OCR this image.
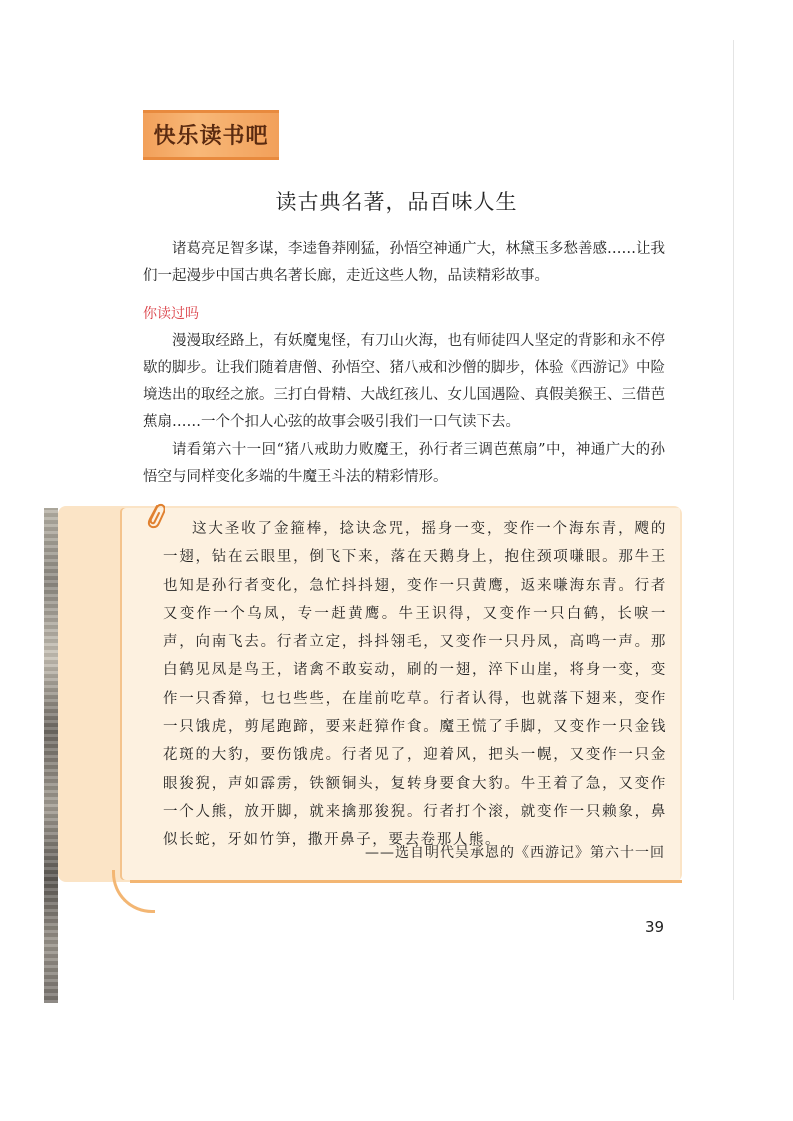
快乐读书吧
读古典名著，品百味人生
诸葛亮足智多谋，李逵鲁莽刚猛，孙悟空神通广大，林黛玉多愁善感……让我们一起漫步中国古典名著长廊，走近这些人物，品读精彩故事。
你读过吗
漫漫取经路上，有妖魔鬼怪，有刀山火海，也有师徒四人坚定的背影和永不停歇的脚步。让我们随着唐僧、孙悟空、猪八戒和沙僧的脚步，体验《西游记》中险境迭出的取经之旅。三打白骨精、大战红孩儿、女儿国遇险、真假美猴王、三借芭蕉扇……一个个扣人心弦的故事会吸引我们一口气读下去。
请看第六十一回“猪八戒助力败魔王，孙行者三调芭蕉扇”中，神通广大的孙悟空与同样变化多端的牛魔王斗法的精彩情形。
这大圣收了金箍棒，捻诀念咒，摇身一变，变作一个海东青，飕的一翅，钻在云眼里，倒飞下来，落在天鹅身上，抱住颈项嗛眼。那牛王也知是孙行者变化，急忙抖抖翅，变作一只黄鹰，返来嗛海东青。行者又变作一个乌凤，专一赶黄鹰。牛王识得，又变作一只白鹤，长唳一声，向南飞去。行者立定，抖抖翎毛，又变作一只丹凤，高鸣一声。那白鹤见凤是鸟王，诸禽不敢妄动，刷的一翅，淬下山崖，将身一变，变作一只香獐，乜乜些些，在崖前吃草。行者认得，也就落下翅来，变作一只饿虎，剪尾跑蹄，要来赶獐作食。魔王慌了手脚，又变作一只金钱花斑的大豹，要伤饿虎。行者见了，迎着风，把头一幌，又变作一只金眼狻猊，声如霹雳，铁额铜头，复转身要食大豹。牛王着了急，又变作一个人熊，放开脚，就来擒那狻猊。行者打个滚，就变作一只赖象，鼻似长蛇，牙如竹笋，撒开鼻子，要去卷那人熊。
——选自明代吴承恩的《西游记》第六十一回
39
